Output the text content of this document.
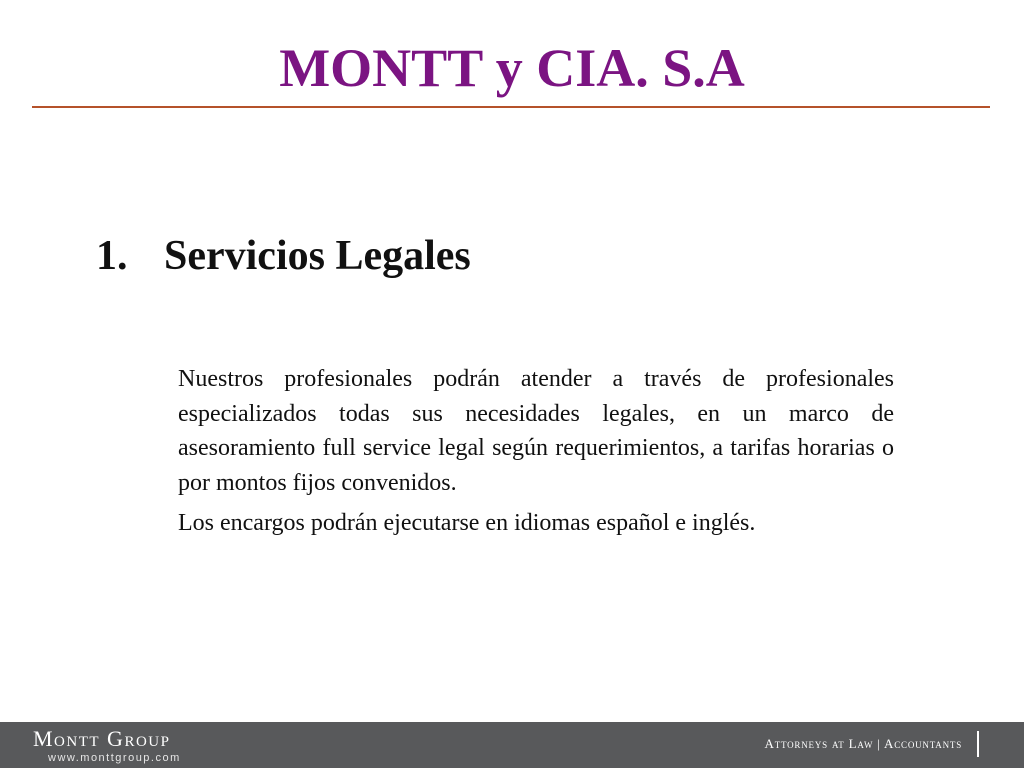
MONTT y CIA. S.A
1. Servicios Legales

Nuestros profesionales podrán atender a través de profesionales especializados todas sus necesidades legales, en un marco de asesoramiento full service legal según requerimientos, a tarifas horarias o por montos fijos convenidos.

Los encargos podrán ejecutarse en idiomas español e inglés.

Montt Group
www.monttgroup.com
Attorneys at Law | Accountants
